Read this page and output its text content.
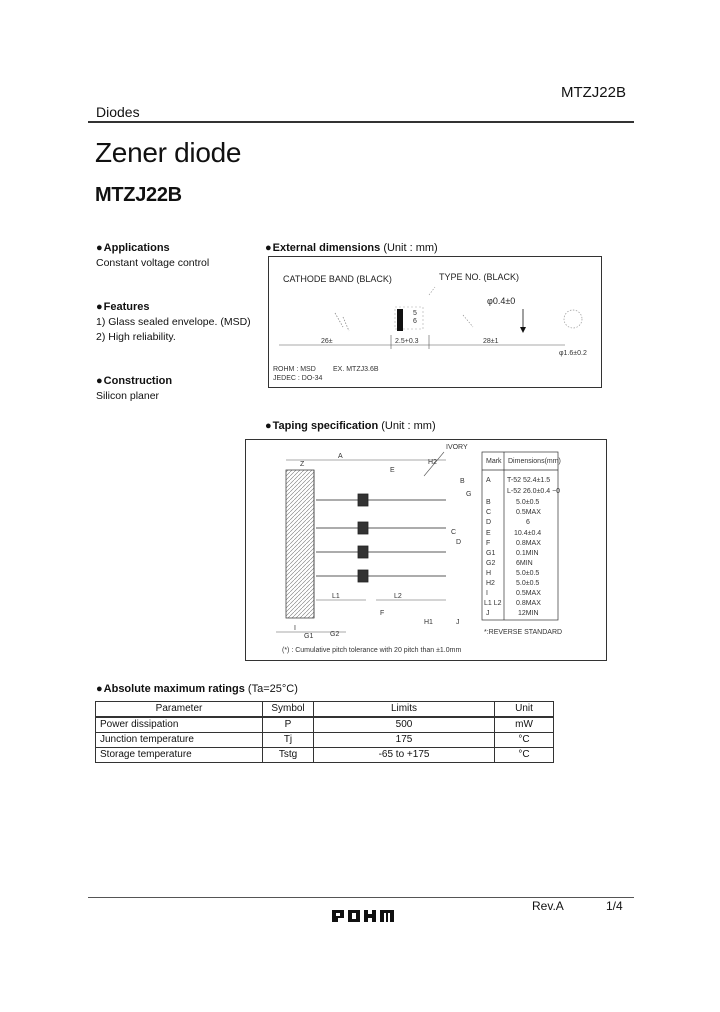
MTZJ22B
Diodes
Zener diode
MTZJ22B
●Applications
Constant voltage control
●Features
1) Glass sealed envelope. (MSD)
2) High reliability.
●Construction
Silicon planer
●External dimensions (Unit : mm)
CATHODE BAND (BLACK)	TYPE NO. (BLACK)
5
6
φ0.4±0
26±	2.5+0.3	28±1
φ1.6±0.2
ROHM : MSD
JEDEC : DO-34
EX. MTZJ3.6B
●Taping specification (Unit : mm)
A
Z	H2
IVORY
E
B
G
C
D
L1	L2
F
I
G1 G2
H1	J
(*) : Cumulative pitch tolerance with 20 pitch than ±1.0mm
*:REVERSE STANDARD
Mark Dimensions(mm)
A T-52 52.4±1.5
L-52 26.0±0.4 −0
B	5.0±0.5
C	0.5MAX
D	6
E	10.4±0.4
F	0.8MAX
G1	0.1MIN
G2	6MIN
H	5.0±0.5
H2	5.0±0.5
I	0.5MAX
L1 L2 0.8MAX
J	12MIN
●Absolute maximum ratings (Ta=25°C)
Parameter	Symbol	Limits	Unit
Power dissipation	P	500	mW
Junction temperature	Tj	175	°C
Storage temperature	Tstg	-65 to +175	°C
Rev.A	1/4
